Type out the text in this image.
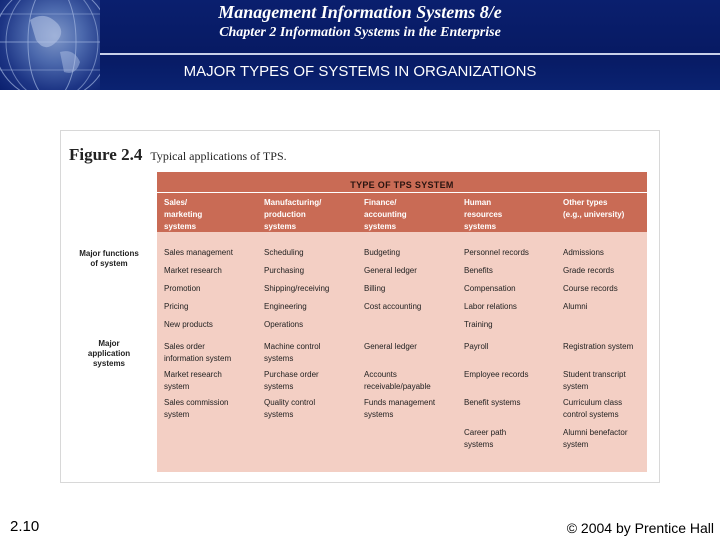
Management Information Systems 8/e
Chapter 2 Information Systems in the Enterprise
MAJOR TYPES OF SYSTEMS IN ORGANIZATIONS
Figure 2.4 Typical applications of TPS.
Major functions
of system
Major
application
systems
TYPE OF TPS SYSTEM
Sales/
marketing
systems
Sales management
Market research
Promotion
Pricing
New products
Sales order
information system
Market research
system
Sales commission
system
Manufacturing/
production
systems
Scheduling
Purchasing
Shipping/receiving
Engineering
Operations
Machine control
systems
Purchase order
systems
Quality control
systems
Finance/
accounting
systems
Budgeting
General ledger
Billing
Cost accounting
General ledger
Accounts
receivable/payable
Funds management
systems
Human
resources
systems
Personnel records
Benefits
Compensation
Labor relations
Training
Payroll
Employee records
Benefit systems
Career path
systems
Other types
(e.g., university)
Admissions
Grade records
Course records
Alumni
Registration system
Student transcript
system
Curriculum class
control systems
Alumni benefactor
system
2.10	© 2004 by Prentice Hall
